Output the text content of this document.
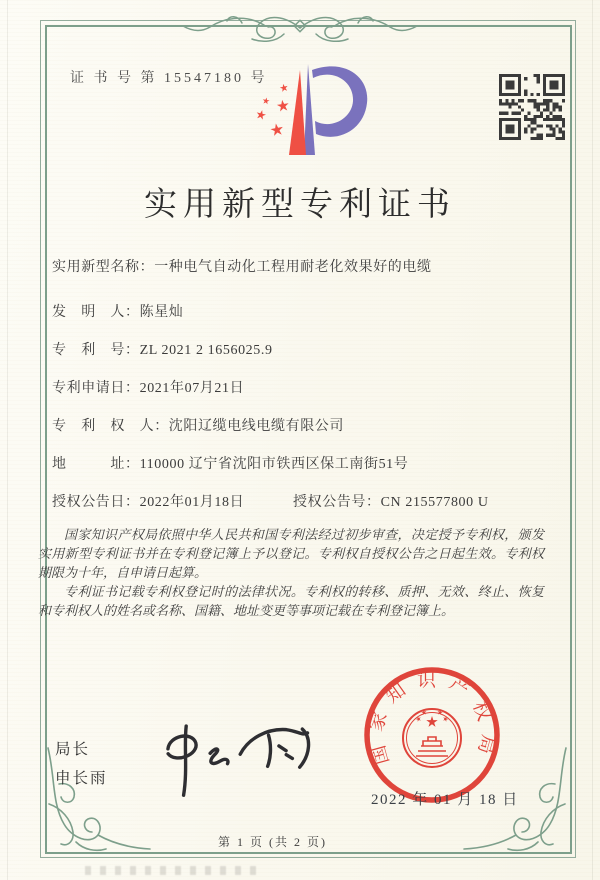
证 书 号 第 15547180 号
实用新型专利证书
实用新型名称：一种电气自动化工程用耐老化效果好的电缆
发　明　人：陈星灿
专　利　号：ZL 2021 2 1656025.9
专利申请日：2021年07月21日
专　利　权　人：沈阳辽缆电线电缆有限公司
地　　　址：110000 辽宁省沈阳市铁西区保工南街51号
授权公告日：2022年01月18日	授权公告号：CN 215577800 U

国家知识产权局依照中华人民共和国专利法经过初步审查，决定授予专利权，颁发实用新型专利证书并在专利登记簿上予以登记。专利权自授权公告之日起生效。专利权期限为十年，自申请日起算。

专利证书记载专利权登记时的法律状况。专利权的转移、质押、无效、终止、恢复和专利权人的姓名或名称、国籍、地址变更等事项记载在专利登记簿上。

局长
申长雨
国家知识产权局
2022 年 01 月 18 日
第 1 页 (共 2 页)
